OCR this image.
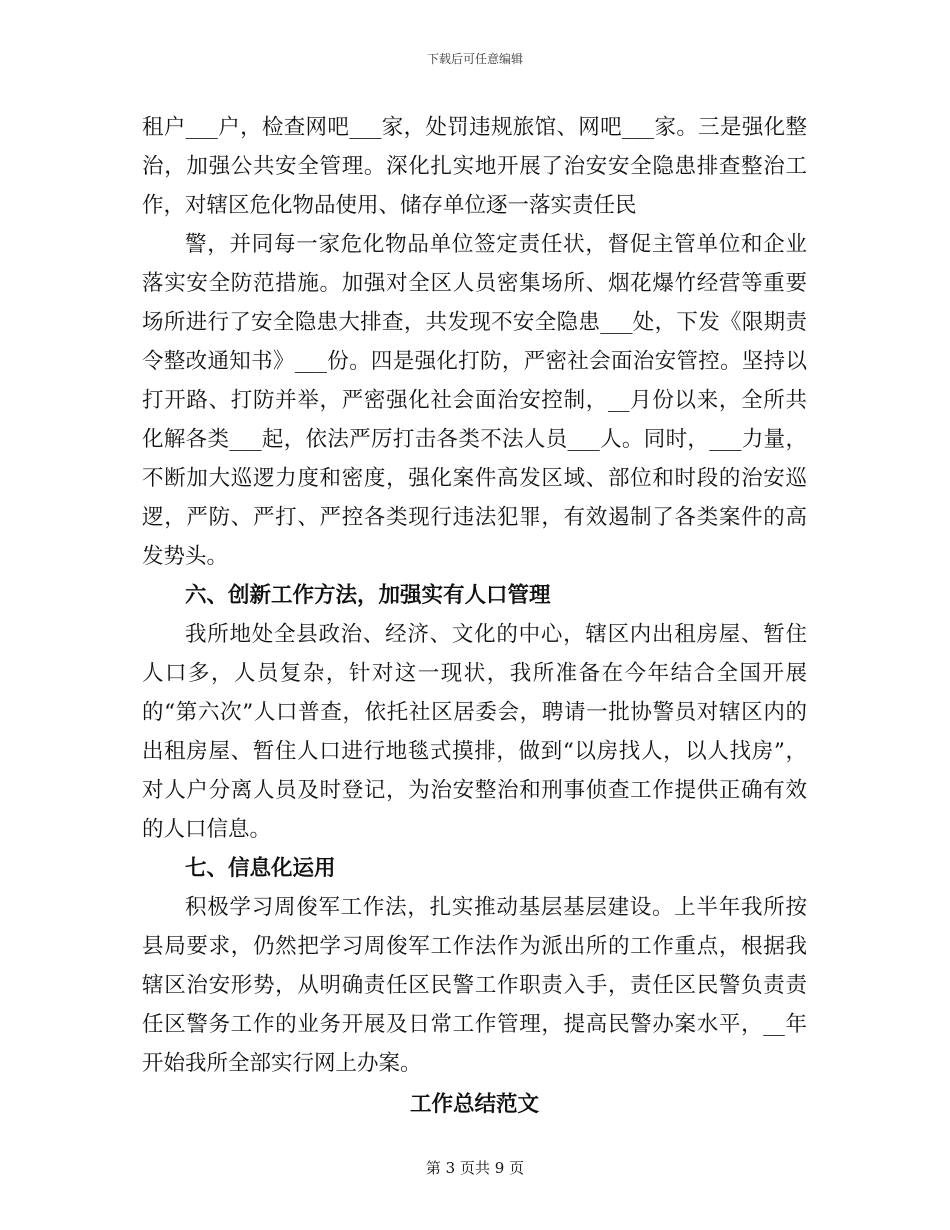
下载后可任意编辑

租户___户，检查网吧___家，处罚违规旅馆、网吧___家。三是强化整治，加强公共安全管理。深化扎实地开展了治安安全隐患排查整治工作，对辖区危化物品使用、储存单位逐一落实责任民

警，并同每一家危化物品单位签定责任状，督促主管单位和企业落实安全防范措施。加强对全区人员密集场所、烟花爆竹经营等重要场所进行了安全隐患大排查，共发现不安全隐患___处，下发《限期责令整改通知书》___份。四是强化打防，严密社会面治安管控。坚持以打开路、打防并举，严密强化社会面治安控制，__月份以来，全所共化解各类___起，依法严厉打击各类不法人员___人。同时，___力量，不断加大巡逻力度和密度，强化案件高发区域、部位和时段的治安巡逻，严防、严打、严控各类现行违法犯罪，有效遏制了各类案件的高发势头。

六、创新工作方法，加强实有人口管理

我所地处全县政治、经济、文化的中心，辖区内出租房屋、暂住人口多，人员复杂，针对这一现状，我所准备在今年结合全国开展的“第六次”人口普查，依托社区居委会，聘请一批协警员对辖区内的出租房屋、暂住人口进行地毯式摸排，做到“以房找人，以人找房”，对人户分离人员及时登记，为治安整治和刑事侦查工作提供正确有效的人口信息。

七、信息化运用

积极学习周俊军工作法，扎实推动基层基层建设。上半年我所按县局要求，仍然把学习周俊军工作法作为派出所的工作重点，根据我辖区治安形势，从明确责任区民警工作职责入手，责任区民警负责责任区警务工作的业务开展及日常工作管理，提高民警办案水平，__年开始我所全部实行网上办案。

工作总结范文

第 3 页共 9 页
